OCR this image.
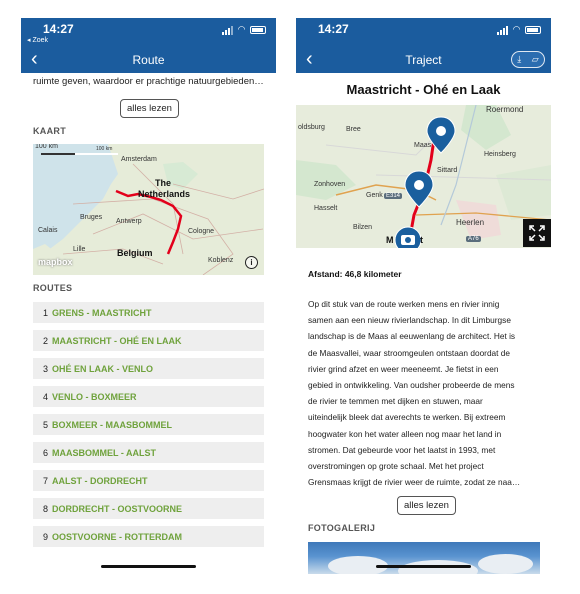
14:27
◂ Zoek
◠
‹	Route
ruimte geven, waardoor er prachtige natuurgebieden…
alles lezen
KAART
100 km	100 km
Amsterdam
The
Netherlands
Bruges
Antwerp
Calais	Cologne
Lille	Belgium
Koblenz
mapbox	i
ROUTES
1 GRENS - MAASTRICHT
2 MAASTRICHT - OHÉ EN LAAK
3 OHÉ EN LAAK - VENLO
4 VENLO - BOXMEER
5 BOXMEER - MAASBOMMEL
6 MAASBOMMEL - AALST
7 AALST - DORDRECHT
8 DORDRECHT - OOSTVOORNE
9 OOSTVOORNE - ROTTERDAM
14:27	◠
‹	Traject	⤓ ▱
Maastricht - Ohé en Laak
Roermond
oldsburg	Bree
Maas
Heinsberg
Sittard
Zonhoven
Genk E314
Hasselt
Heerlen
Bilzen
M	t	A76
Afstand: 46,8 kilometer
Op dit stuk van de route werken mens en rivier innig
samen aan een nieuw rivierlandschap. In dit Limburgse
landschap is de Maas al eeuwenlang de architect. Het is
de Maasvallei, waar stroomgeulen ontstaan doordat de
rivier grind afzet en weer meeneemt. Je fietst in een
gebied in ontwikkeling. Van oudsher probeerde de mens
de rivier te temmen met dijken en stuwen, maar
uiteindelijk bleek dat averechts te werken. Bij extreem
hoogwater kon het water alleen nog maar het land in
stromen. Dat gebeurde voor het laatst in 1993, met
overstromingen op grote schaal. Met het project
Grensmaas krijgt de rivier weer de ruimte, zodat ze naa…
alles lezen
FOTOGALERIJ
